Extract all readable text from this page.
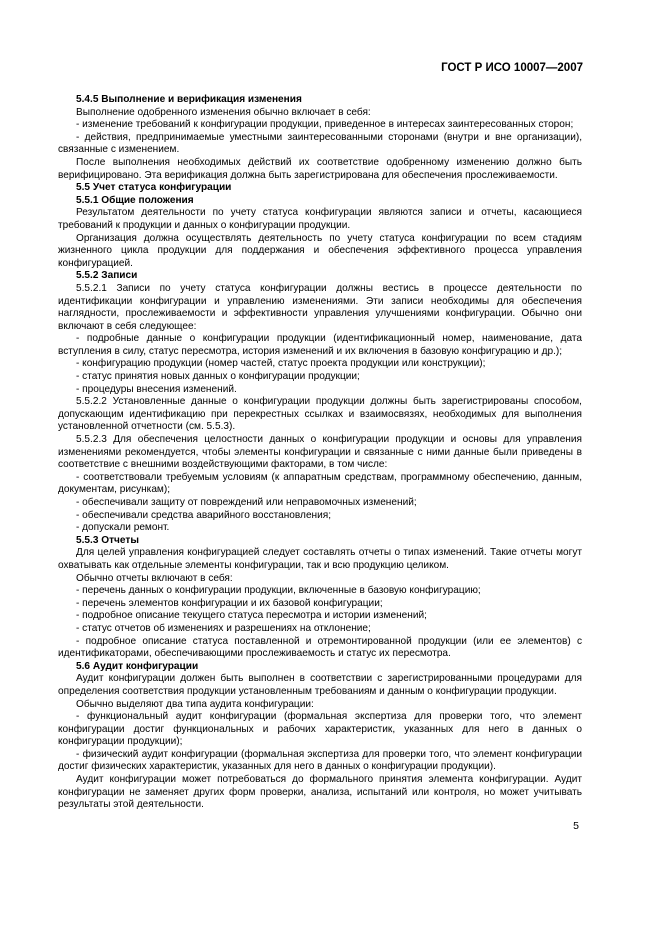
ГОСТ Р ИСО 10007—2007

5.4.5 Выполнение и верификация изменения

Выполнение одобренного изменения обычно включает в себя:

- изменение требований к конфигурации продукции, приведенное в интересах заинтересованных сторон;

- действия, предпринимаемые уместными заинтересованными сторонами (внутри и вне организации), связанные с изменением.

После выполнения необходимых действий их соответствие одобренному изменению должно быть верифицировано. Эта верификация должна быть зарегистрирована для обеспечения прослеживаемости.

5.5 Учет статуса конфигурации

5.5.1 Общие положения

Результатом деятельности по учету статуса конфигурации являются записи и отчеты, касающиеся требований к продукции и данных о конфигурации продукции.

Организация должна осуществлять деятельность по учету статуса конфигурации по всем стадиям жизненного цикла продукции для поддержания и обеспечения эффективного процесса управления конфигурацией.

5.5.2 Записи

5.5.2.1 Записи по учету статуса конфигурации должны вестись в процессе деятельности по идентификации конфигурации и управлению изменениями. Эти записи необходимы для обеспечения наглядности, прослеживаемости и эффективности управления улучшениями конфигурации. Обычно они включают в себя следующее:

- подробные данные о конфигурации продукции (идентификационный номер, наименование, дата вступления в силу, статус пересмотра, история изменений и их включения в базовую конфигурацию и др.);

- конфигурацию продукции (номер частей, статус проекта продукции или конструкции);

- статус принятия новых данных о конфигурации продукции;

- процедуры внесения изменений.

5.5.2.2 Установленные данные о конфигурации продукции должны быть зарегистрированы способом, допускающим идентификацию при перекрестных ссылках и взаимосвязях, необходимых для выполнения установленной отчетности (см. 5.5.3).

5.5.2.3 Для обеспечения целостности данных о конфигурации продукции и основы для управления изменениями рекомендуется, чтобы элементы конфигурации и связанные с ними данные были приведены в соответствие с внешними воздействующими факторами, в том числе:

- соответствовали требуемым условиям (к аппаратным средствам, программному обеспечению, данным, документам, рисункам);

- обеспечивали защиту от повреждений или неправомочных изменений;

- обеспечивали средства аварийного восстановления;

- допускали ремонт.

5.5.3 Отчеты

Для целей управления конфигурацией следует составлять отчеты о типах изменений. Такие отчеты могут охватывать как отдельные элементы конфигурации, так и всю продукцию целиком.

Обычно отчеты включают в себя:

- перечень данных о конфигурации продукции, включенные в базовую конфигурацию;

- перечень элементов конфигурации и их базовой конфигурации;

- подробное описание текущего статуса пересмотра и истории изменений;

- статус отчетов об изменениях и разрешениях на отклонение;

- подробное описание статуса поставленной и отремонтированной продукции (или ее элементов) с идентификаторами, обеспечивающими прослеживаемость и статус их пересмотра.

5.6 Аудит конфигурации

Аудит конфигурации должен быть выполнен в соответствии с зарегистрированными процедурами для определения соответствия продукции установленным требованиям и данным о конфигурации продукции.

Обычно выделяют два типа аудита конфигурации:

- функциональный аудит конфигурации (формальная экспертиза для проверки того, что элемент конфигурации достиг функциональных и рабочих характеристик, указанных для него в данных о конфигурации продукции);

- физический аудит конфигурации (формальная экспертиза для проверки того, что элемент конфигурации достиг физических характеристик, указанных для него в данных о конфигурации продукции).

Аудит конфигурации может потребоваться до формального принятия элемента конфигурации. Аудит конфигурации не заменяет других форм проверки, анализа, испытаний или контроля, но может учитывать результаты этой деятельности.

5
